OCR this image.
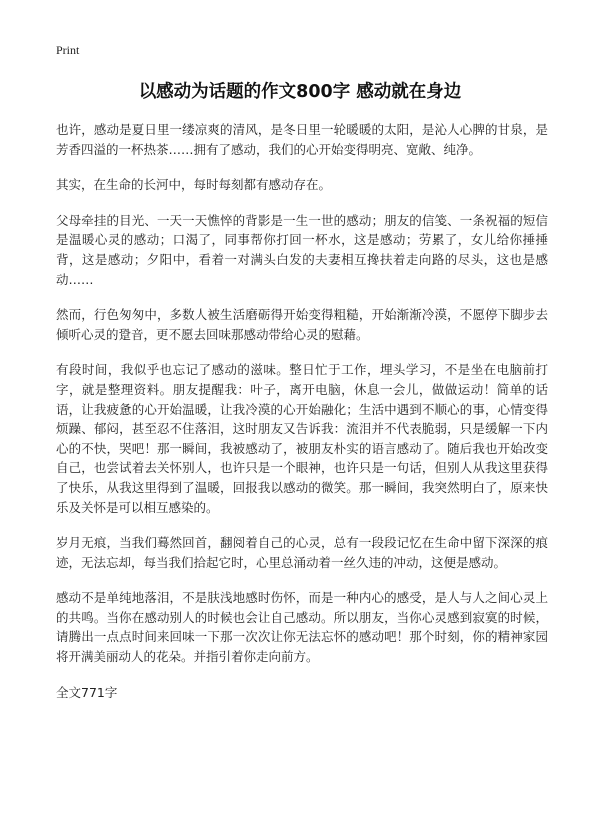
Print
以感动为话题的作文800字 感动就在身边

也许，感动是夏日里一缕凉爽的清风，是冬日里一轮暖暖的太阳，是沁人心脾的甘泉，是芳香四溢的一杯热茶……拥有了感动，我们的心开始变得明亮、宽敞、纯净。

其实，在生命的长河中，每时每刻都有感动存在。

父母牵挂的目光、一天一天憔悴的背影是一生一世的感动；朋友的信笺、一条祝福的短信是温暖心灵的感动；口渴了，同事帮你打回一杯水，这是感动；劳累了，女儿给你捶捶背，这是感动；夕阳中，看着一对满头白发的夫妻相互搀扶着走向路的尽头，这也是感动……

然而，行色匆匆中，多数人被生活磨砺得开始变得粗糙，开始渐渐冷漠，不愿停下脚步去倾听心灵的跫音，更不愿去回味那感动带给心灵的慰藉。

有段时间，我似乎也忘记了感动的滋味。整日忙于工作，埋头学习，不是坐在电脑前打字，就是整理资料。朋友提醒我：叶子，离开电脑，休息一会儿，做做运动！简单的话语，让我疲惫的心开始温暖，让我冷漠的心开始融化；生活中遇到不顺心的事，心情变得烦躁、郁闷，甚至忍不住落泪，这时朋友又告诉我：流泪并不代表脆弱，只是缓解一下内心的不快，哭吧！那一瞬间，我被感动了，被朋友朴实的语言感动了。随后我也开始改变自己，也尝试着去关怀别人，也许只是一个眼神，也许只是一句话，但别人从我这里获得了快乐，从我这里得到了温暖，回报我以感动的微笑。那一瞬间，我突然明白了，原来快乐及关怀是可以相互感染的。

岁月无痕，当我们蓦然回首，翻阅着自己的心灵，总有一段段记忆在生命中留下深深的痕迹，无法忘却，每当我们拾起它时，心里总涌动着一丝久违的冲动，这便是感动。

感动不是单纯地落泪，不是肤浅地感时伤怀，而是一种内心的感受，是人与人之间心灵上的共鸣。当你在感动别人的时候也会让自己感动。所以朋友，当你心灵感到寂寞的时候，请腾出一点点时间来回味一下那一次次让你无法忘怀的感动吧！那个时刻，你的精神家园将开满美丽动人的花朵。并指引着你走向前方。

全文771字
